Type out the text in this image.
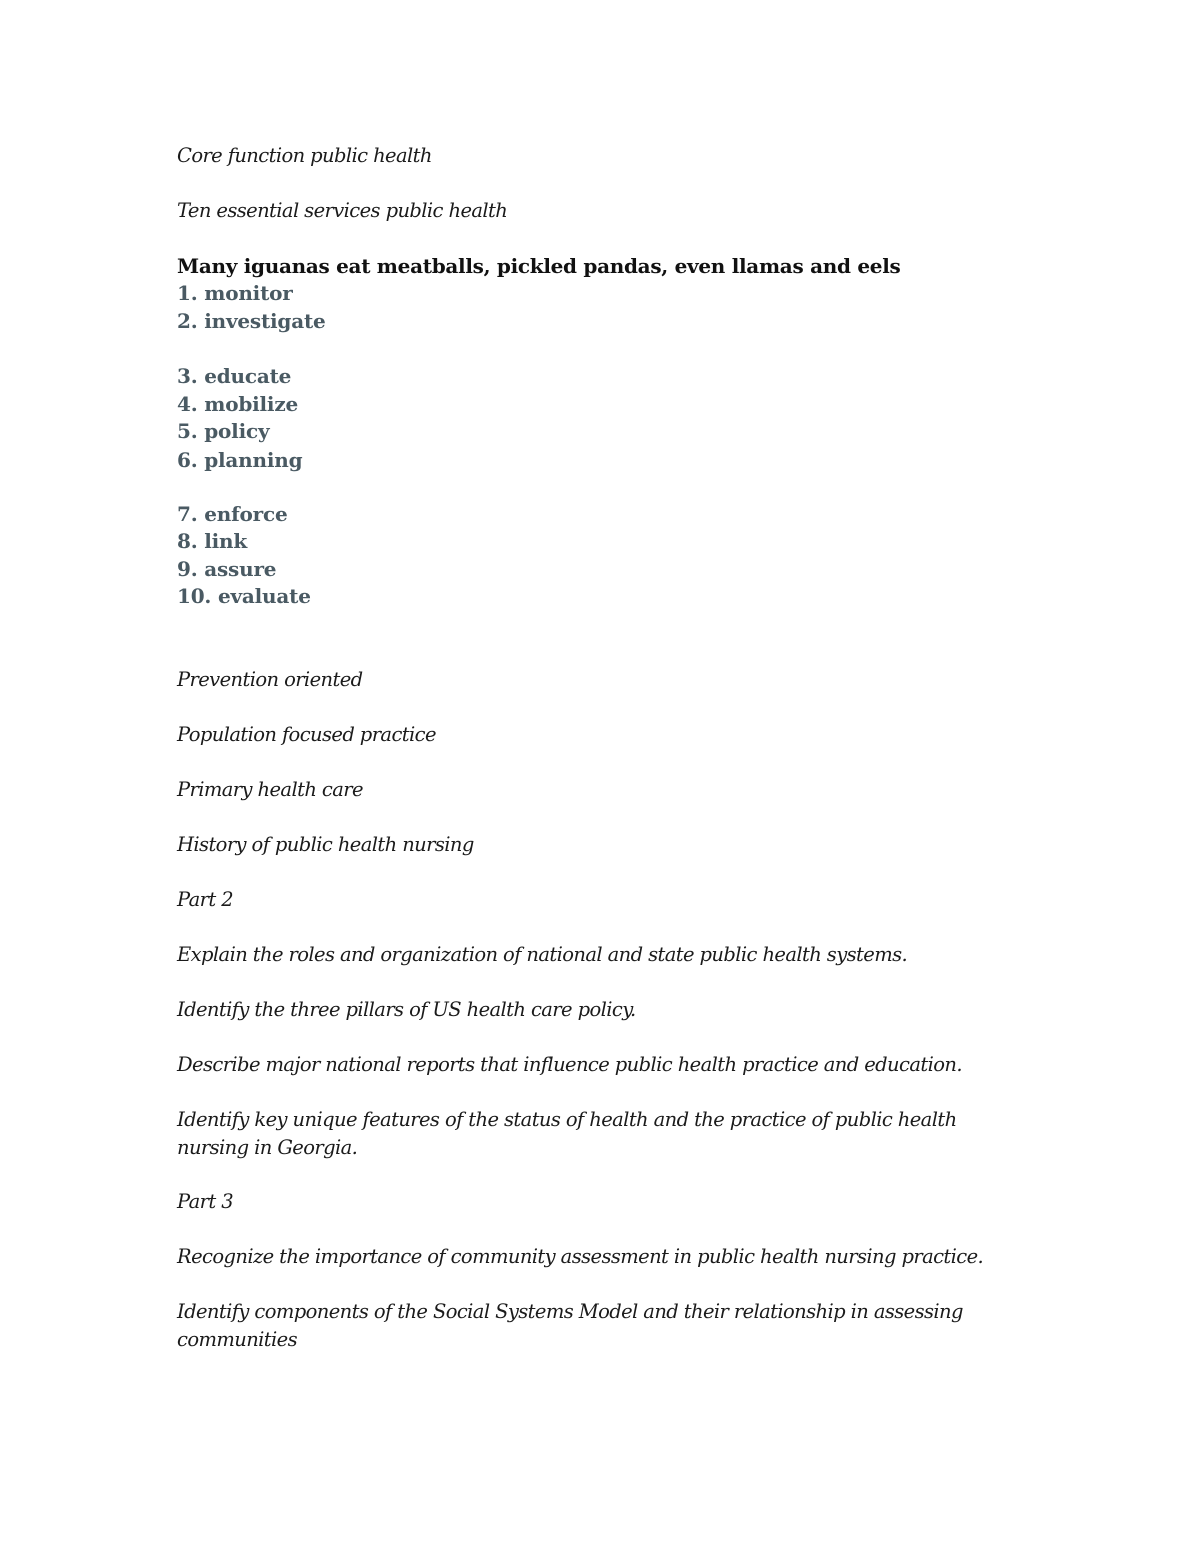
Core function public health
Ten essential services public health
Many iguanas eat meatballs, pickled pandas, even llamas and eels
1. monitor
2. investigate
3. educate
4. mobilize
5. policy
6. planning
7. enforce
8. link
9. assure
10. evaluate
Prevention oriented
Population focused practice
Primary health care
History of public health nursing
Part 2
Explain the roles and organization of national and state public health systems.
Identify the three pillars of US health care policy.
Describe major national reports that influence public health practice and education.
Identify key unique features of the status of health and the practice of public health
nursing in Georgia.
Part 3
Recognize the importance of community assessment in public health nursing practice.
Identify components of the Social Systems Model and their relationship in assessing
communities
